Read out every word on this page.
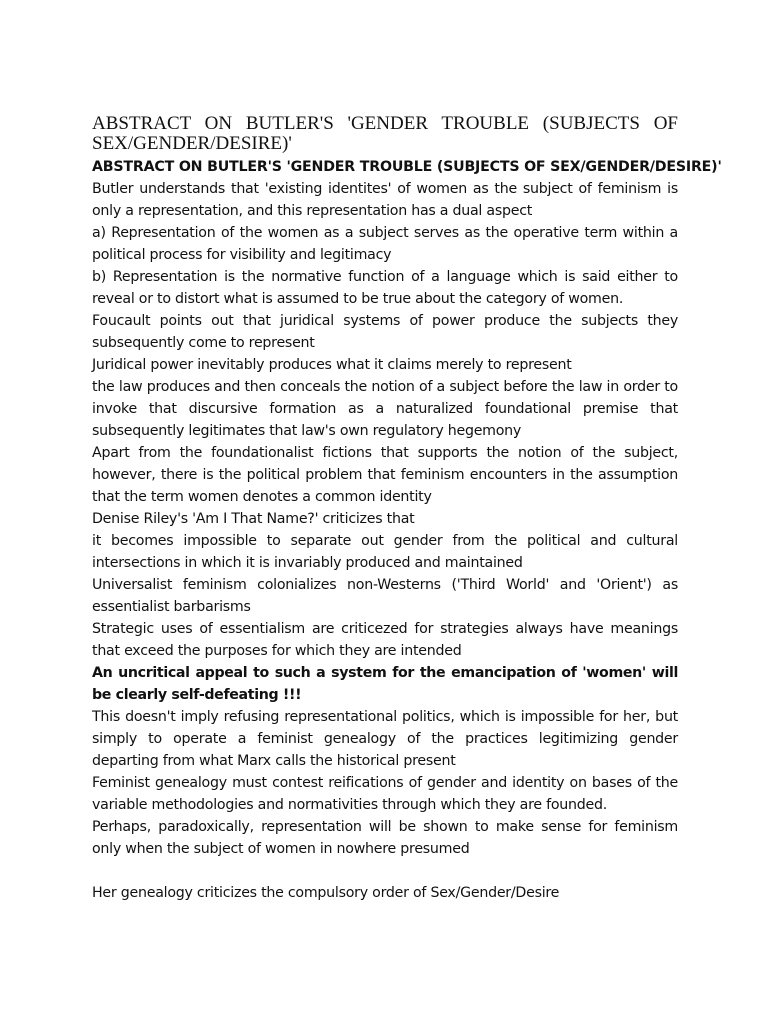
ABSTRACT ON BUTLER'S 'GENDER TROUBLE (SUBJECTS OF SEX/GENDER/DESIRE)'
ABSTRACT ON BUTLER'S 'GENDER TROUBLE (SUBJECTS OF SEX/GENDER/DESIRE)'

Butler understands that 'existing identites' of women as the subject of feminism is only a representation, and this representation has a dual aspect

a) Representation of the women as a subject serves as the operative term within a political process for visibility and legitimacy

b) Representation is the normative function of a language which is said either to reveal or to distort what is assumed to be true about the category of women.

Foucault points out that juridical systems of power produce the subjects they subsequently come to represent

Juridical power inevitably produces what it claims merely to represent

the law produces and then conceals the notion of a subject before the law in order to invoke that discursive formation as a naturalized foundational premise that subsequently legitimates that law's own regulatory hegemony

Apart from the foundationalist fictions that supports the notion of the subject, however, there is the political problem that feminism encounters in the assumption that the term women denotes a common identity

Denise Riley's 'Am I That Name?' criticizes that

it becomes impossible to separate out gender from the political and cultural intersections in which it is invariably produced and maintained

Universalist feminism colonializes non-Westerns ('Third World' and 'Orient') as essentialist barbarisms

Strategic uses of essentialism are criticezed for strategies always have meanings that exceed the purposes for which they are intended

An uncritical appeal to such a system for the emancipation of 'women' will be clearly self-defeating !!!

This doesn't imply refusing representational politics, which is impossible for her, but simply to operate a feminist genealogy of the practices legitimizing gender departing from what Marx calls the historical present

Feminist genealogy must contest reifications of gender and identity on bases of the variable methodologies and normativities through which they are founded.

Perhaps, paradoxically, representation will be shown to make sense for feminism only when the subject of women in nowhere presumed

Her genealogy criticizes the compulsory order of Sex/Gender/Desire
